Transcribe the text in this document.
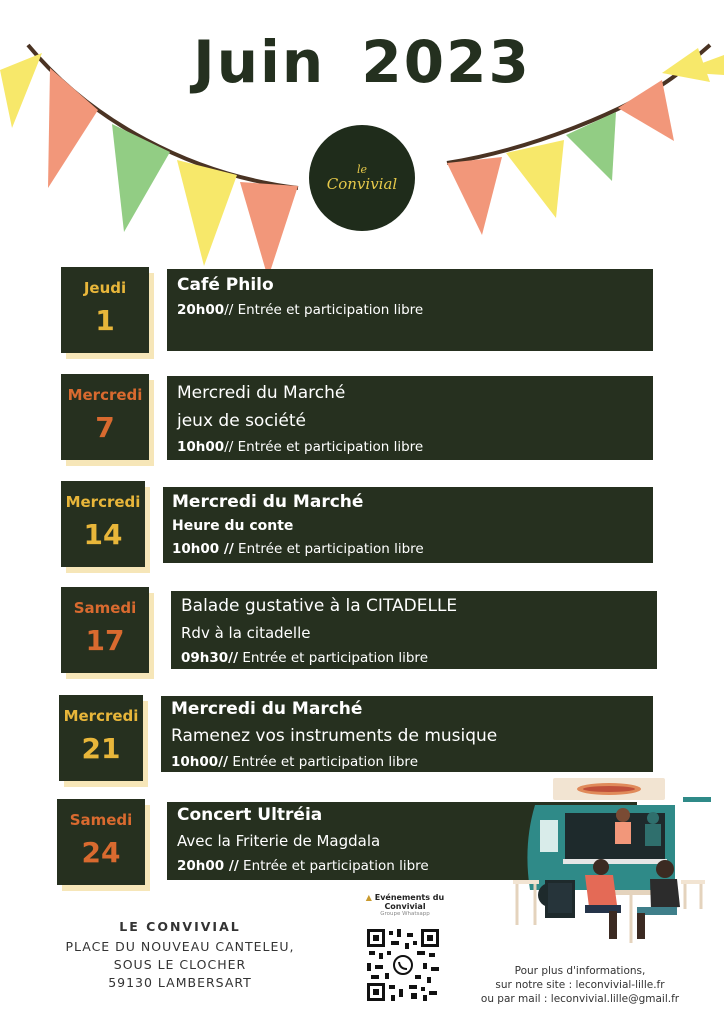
Juin 2023
le
Convivial
Jeudi
1
Café Philo
20h00// Entrée et participation libre
Mercredi
7
Mercredi du Marché
jeux de société
10h00// Entrée et participation libre
Mercredi
14
Mercredi du Marché
Heure du conte
10h00 // Entrée et participation libre
Samedi
17
Balade gustative à la CITADELLE
Rdv à la citadelle
09h30// Entrée et participation libre
Mercredi
21
Mercredi du Marché
Ramenez vos instruments de musique
10h00// Entrée et participation libre
Samedi
24
Concert Ultréia
Avec la Friterie de Magdala
20h00 // Entrée et participation libre
LE CONVIVIAL
PLACE DU NOUVEAU CANTELEU,
SOUS LE CLOCHER
59130 LAMBERSART
▲ Evénements du Convivial
Groupe Whatsapp
Pour plus d'informations,
sur notre site : leconvivial-lille.fr
ou par mail : leconvivial.lille@gmail.fr
